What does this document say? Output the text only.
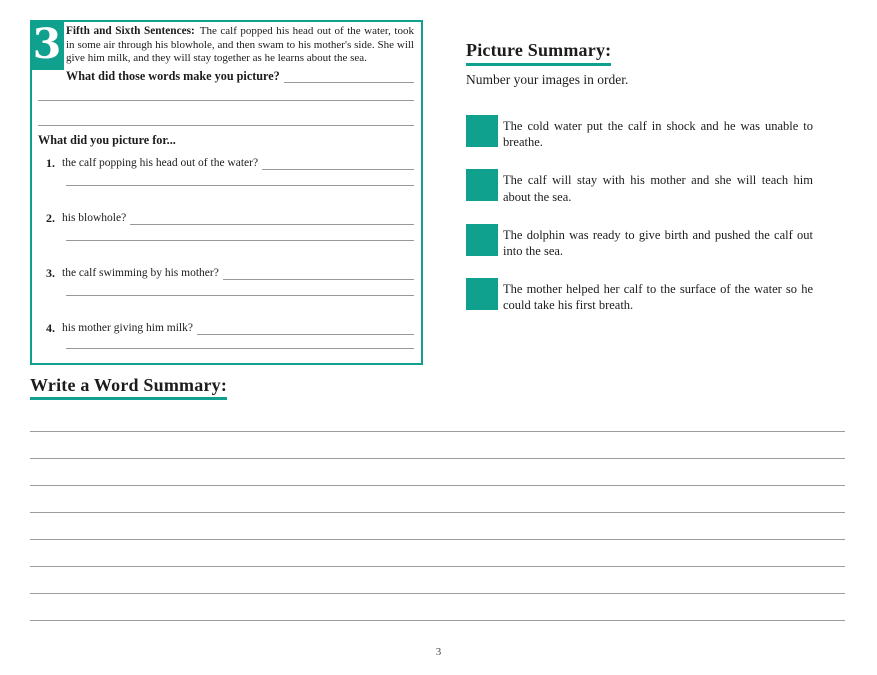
3 Fifth and Sixth Sentences: The calf popped his head out of the water, took in some air through his blowhole, and then swam to his mother's side. She will give him milk, and they will stay together as he learns about the sea.

What did those words make you picture?
What did you picture for...
1. the calf popping his head out of the water?
2. his blowhole?
3. the calf swimming by his mother?
4. his mother giving him milk?
Picture Summary:

Number your images in order.

The cold water put the calf in shock and he was unable to breathe.

The calf will stay with his mother and she will teach him about the sea.

The dolphin was ready to give birth and pushed the calf out into the sea.

The mother helped her calf to the surface of the water so he could take his first breath.

Write a Word Summary:
3
